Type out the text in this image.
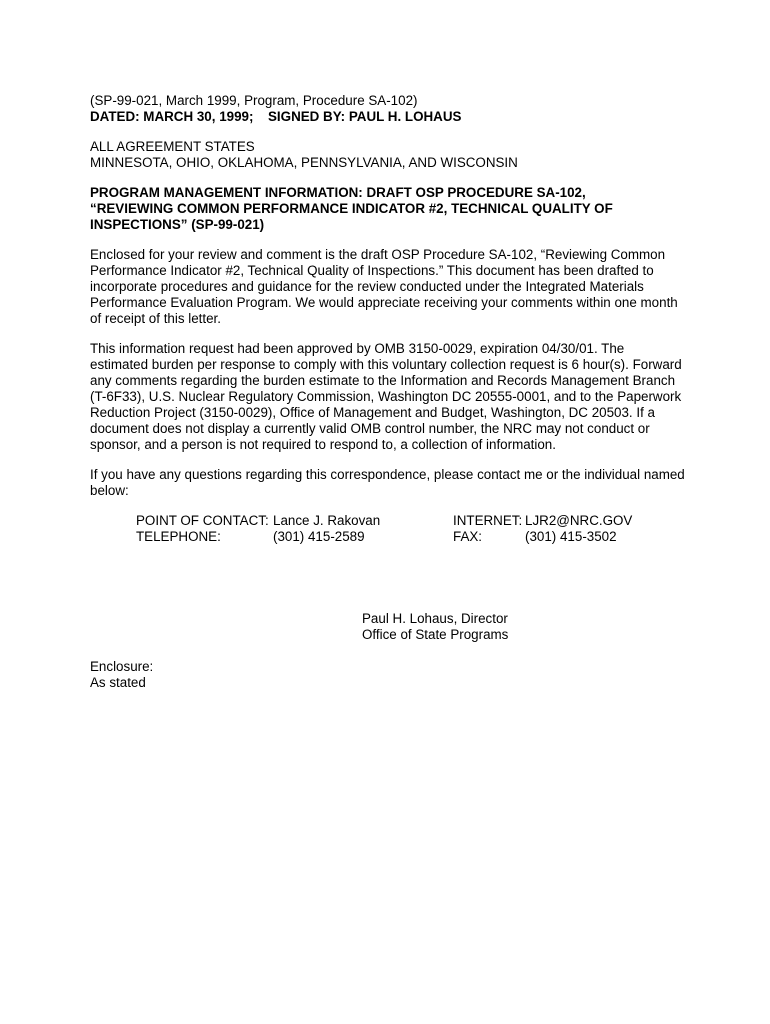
(SP-99-021, March 1999, Program, Procedure SA-102)
DATED: MARCH 30, 1999;	SIGNED BY: PAUL H. LOHAUS
ALL AGREEMENT STATES
MINNESOTA, OHIO, OKLAHOMA, PENNSYLVANIA, AND WISCONSIN
PROGRAM MANAGEMENT INFORMATION: DRAFT OSP PROCEDURE SA-102,
“REVIEWING COMMON PERFORMANCE INDICATOR #2, TECHNICAL QUALITY OF
INSPECTIONS” (SP-99-021)
Enclosed for your review and comment is the draft OSP Procedure SA-102, “Reviewing Common
Performance Indicator #2, Technical Quality of Inspections.” This document has been drafted to
incorporate procedures and guidance for the review conducted under the Integrated Materials
Performance Evaluation Program. We would appreciate receiving your comments within one month
of receipt of this letter.
This information request had been approved by OMB 3150-0029, expiration 04/30/01. The
estimated burden per response to comply with this voluntary collection request is 6 hour(s). Forward
any comments regarding the burden estimate to the Information and Records Management Branch
(T-6F33), U.S. Nuclear Regulatory Commission, Washington DC 20555-0001, and to the Paperwork
Reduction Project (3150-0029), Office of Management and Budget, Washington, DC 20503. If a
document does not display a currently valid OMB control number, the NRC may not conduct or
sponsor, and a person is not required to respond to, a collection of information.
If you have any questions regarding this correspondence, please contact me or the individual named
below:
POINT OF CONTACT: Lance J. Rakovan	INTERNET: LJR2@NRC.GOV
TELEPHONE:	(301) 415-2589	FAX:	(301) 415-3502
Paul H. Lohaus, Director
Office of State Programs
Enclosure:
As stated
